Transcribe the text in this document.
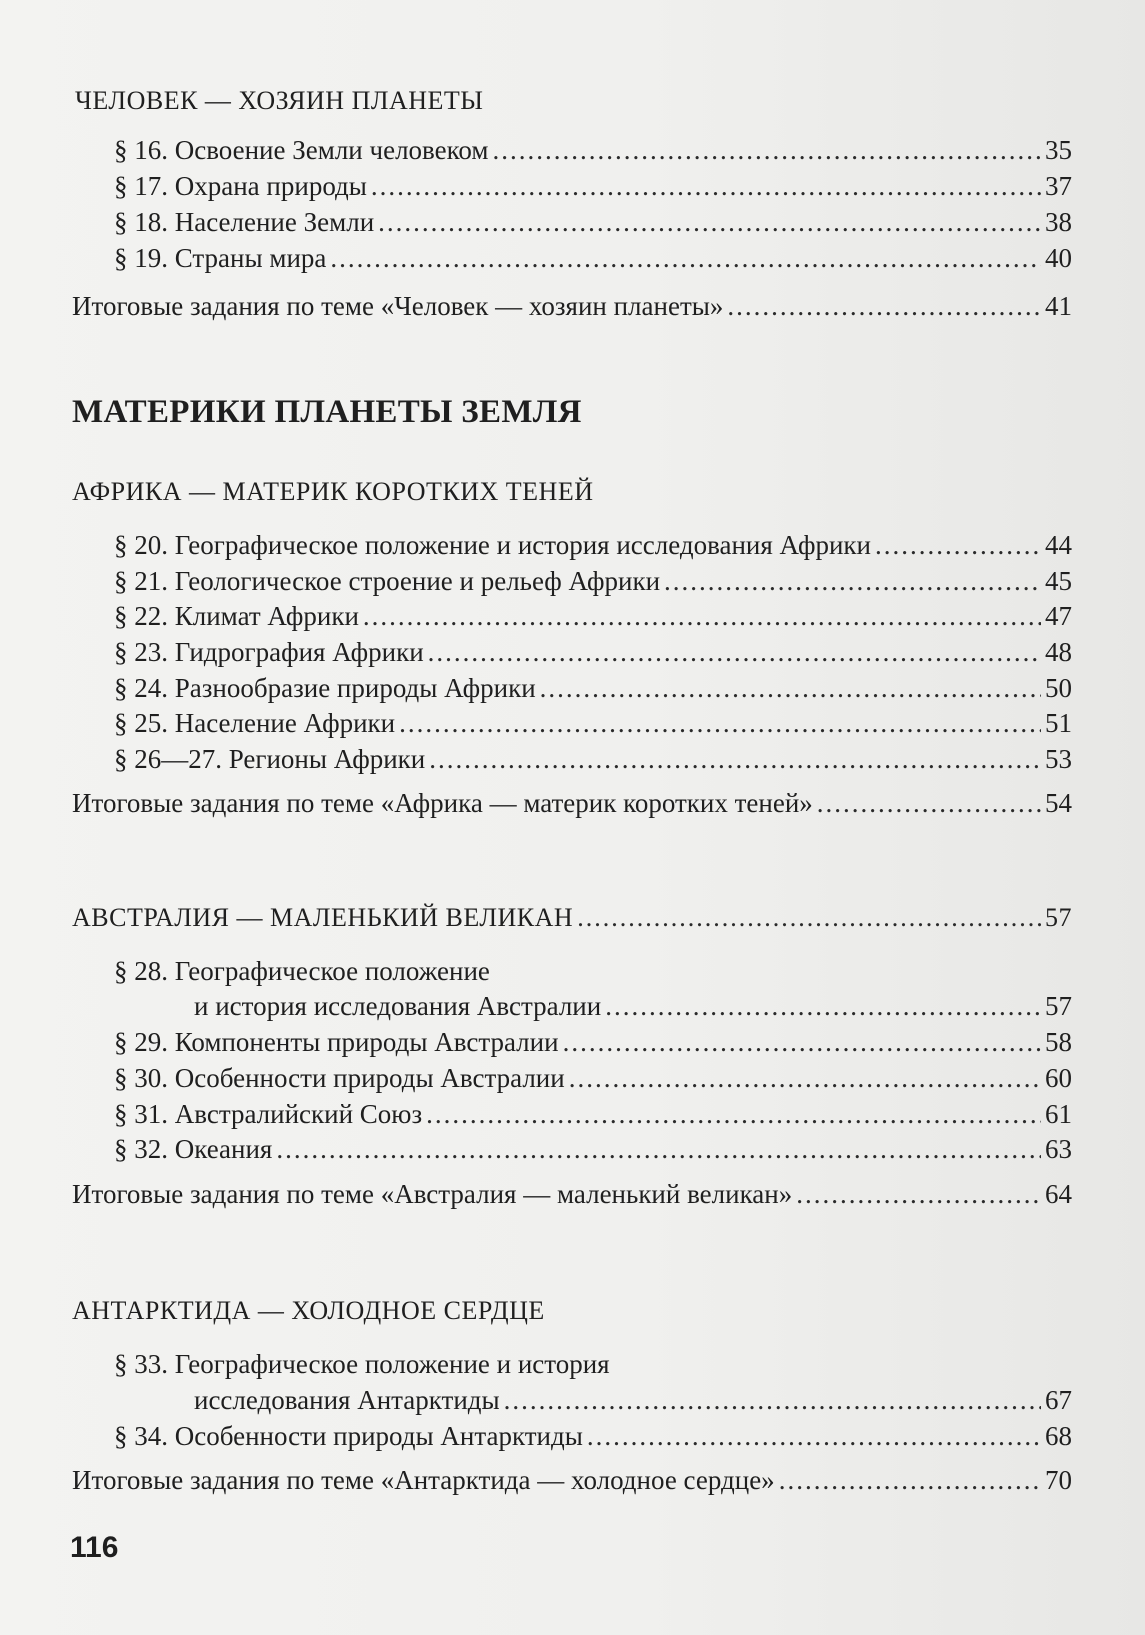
ЧЕЛОВЕК — ХОЗЯИН ПЛАНЕТЫ
§ 16. Освоение Земли человеком .....	35
§ 17. Охрана природы .....	37
§ 18. Население Земли .....	38
§ 19. Страны мира .....	40
Итоговые задания по теме «Человек — хозяин планеты» .....	41
МАТЕРИКИ ПЛАНЕТЫ ЗЕМЛЯ
АФРИКА — МАТЕРИК КОРОТКИХ ТЕНЕЙ
§ 20. Географическое положение и история исследования Африки .....	44
§ 21. Геологическое строение и рельеф Африки .....	45
§ 22. Климат Африки .....	47
§ 23. Гидрография Африки .....	48
§ 24. Разнообразие природы Африки .....	50
§ 25. Население Африки .....	51
§ 26—27. Регионы Африки .....	53
Итоговые задания по теме «Африка — материк коротких теней» .....	54
АВСТРАЛИЯ — МАЛЕНЬКИЙ ВЕЛИКАН .....	57
§ 28. Географическое положение
и история исследования Австралии .....	57
§ 29. Компоненты природы Австралии .....	58
§ 30. Особенности природы Австралии .....	60
§ 31. Австралийский Союз .....	61
§ 32. Океания .....	63
Итоговые задания по теме «Австралия — маленький великан» .....	64
АНТАРКТИДА — ХОЛОДНОЕ СЕРДЦЕ
§ 33. Географическое положение и история
исследования Антарктиды .....	67
§ 34. Особенности природы Антарктиды .....	68
Итоговые задания по теме «Антарктида — холодное сердце» .....	70
116
